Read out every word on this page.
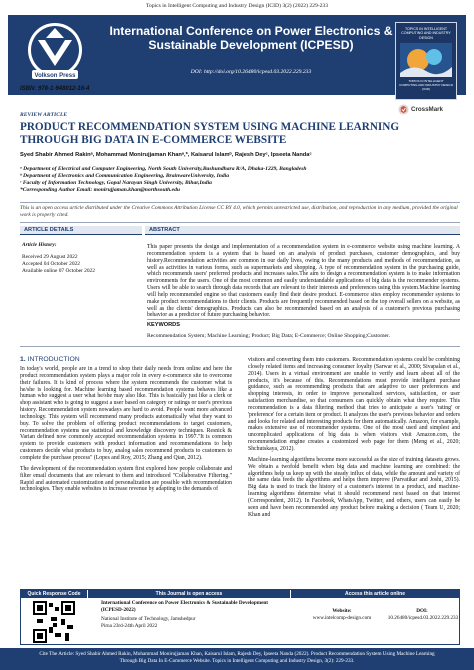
Topics in Intelligent Computing and Industry Design (ICID) 3(2) (2022) 229-233
Volkson Press
International Conference on Power Electronics & Sustainable Development (ICPESD)
DOI: http://doi.org/10.26480/icpesd.03.2022.229.233
TOPICS IN INTELLIGENT COMPUTING AND INDUSTRY DESIGN
TOPICS IN INTELLIGENT COMPUTING AND INDUSTRY DESIGN (ICID)
ISBN: 978-1-948012-16-4
CrossMark
REVIEW ARTICLE
PRODUCT RECOMMENDATION SYSTEM USING MACHINE LEARNING THROUGH BIG DATA IN E-COMMERCE WEBSITE
Syed Shabir Ahmed Rakinᵃ, Mohammad Monirujjaman Khanᵃ,*, Kaisarul Islamᵇ, Rajesh Deyᶜ, Ipseeta Nandaᶜ
ᵃ Department of Electrical and Computer Engineering, North South University,Bashundhara R/A, Dhaka-1229, Bangladesh
ᵇ Department of Electronics and Communication Engineering, BrainwareUniversity, India
ᶜ Faculty of Information Technology, Gopal Narayan Singh University, Bihar,India
*Corresponding Author Email: monirujjaman.khan@northsouth.edu
This is an open access article distributed under the Creative Commons Attribution License CC BY 4.0, which permits unrestricted use, distribution, and reproduction in any medium, provided the original work is properly cited.
ARTICLE DETAILS	ABSTRACT
Article History:
Received 29 August 2022
Accepted 04 October 2022
Available online 07 October 2022
This paper presents the design and implementation of a recommendation system in e-commerce website using machine learning. A recommendation system is a system that is based on an analysis of product purchases, customer demographics, and buy history.Recommendation activities are common in our daily lives, owing to the many products and methods of recommendation, as well as activities in various forms, such as supermarkets and shopping. A type of recommendation system in the purchasing guide, which recommends users' preferred products and increases sales.The aim to design a recommendation system is to make information environments for the users. One of the most common and easily understandable applications of big data is the recommender systems. Users will be able to search through data records that are relevant to their interests and preferences using this system.Machine learning will help recommended engine so that customers easily find their desire product. E-commerce sites employ recommender systems to make product recommendations to their clients. Products are frequently recommended based on the top overall sellers on a website, as well as the clients' demographics. Products can also be recommended based on an analysis of a customer's previous purchasing behavior as a predictor of future purchasing behavior.
KEYWORDS
Recommendation System; Machine Learning; Product; Big Data; E-Commerce; Online Shopping;Customer.
1. INTRODUCTION

In today's world, people are in a trend to shop their daily needs from online and here the product recommendation system plays a major role in every e-commerce site to overcome their failures. It is kind of process where the system recommends the customer what is he/she is looking for. Machine learning based recommendation systems behaves like a human who suggest a user what he/she may also like. This is basically just like a clerk or shop assistant who is going to suggest a user based on category or ratings or user's previous history. Recommendation system nowadays are hard to avoid. People want more advanced technology. This system will recommend many products automatically what they want to buy. To solve the problem of offering product recommendations to target customers, recommendation systems use statistical and knowledge discovery techniques. Resnick & Varian defined now commonly accepted recommendation systems in 1997."It is common system to provide customers with product information and recommendations to help customers decide what products to buy, analog sales recommend products to customers to complete the purchase process" (Lopes and Roy, 2015; Zhang and Qian, 2012).

The development of the recommendation system first explored how people collaborate and filter email documents that are relevant to them and introduced "Collaborative Filtering." Rapid and automated customization and personalization are possible with recommendation technologies. They enable websites to increase revenue by adapting to the demands of

visitors and converting them into customers. Recommendation systems could be combining closely related items and increasing consumer loyalty (Sarwar et al., 2000; Sivapalan et al., 2014). Users in a virtual environment are unable to verify and learn about all of the products, it's because of this. Recommendations must provide intelligent purchase guidance, such as recommending products that are adaptive to user preferences and shopping interests, in order to improve personalized services, satisfaction, or user satisfaction merchandise, so that consumers can quickly obtain what they require. This recommendation is a data filtering method that tries to anticipate a user's 'rating' or 'preference' for a certain item or product. It analyzes the user's previous behavior and orders and looks for related and interesting products for them automatically. Amazon, for example, makes extensive use of recommender systems. One of the most used and simplest and uncomplicated applications of big data is when visitors visit Amazon.com, the recommendation engine creates a customized web page for them (Meng et al., 2020; Shchutskaya, 2012).

Machine-learning algorithms become more successful as the size of training datasets grows. We obtain a twofold benefit when big data and machine learning are combined: the algorithms help us keep up with the steady influx of data, while the amount and variety of the same data feeds the algorithms and helps them improve (Parvatikar and Joshi, 2015). Big data is used to track the history of a customer's interest in a product, and machine-learning algorithms determine what it should recommend next based on that interest (Correspondent, 2012). In Facebook, WhatsApp, Twitter, and others, users can easily be seen and have been recommended any product before making a decision ( Team U, 2020; Khan and

Quick Response Code	This Journal is open access	Access this article online
International Conference on Power Electronics & Sustainable Development (ICPESD-2022)
National Institute of Technology, Jamshedpur
Pirna 23rd-24th April 2022
Website:
www.intelcomp-design.com
DOI:
10.26480/icpesd.03.2022.229.233
Cite The Article: Syed Shabir Ahmed Rakin, Mohammad Monirujjaman Khan, Kaisarul Islam, Rajesh Dey, Ipseeta Nanda (2022). Product Recommendation System Using Machine Learning Through Big Data In E-Commerce Website. Topics in Intelligent Computing and Industry Design, 3(2): 229-233.
